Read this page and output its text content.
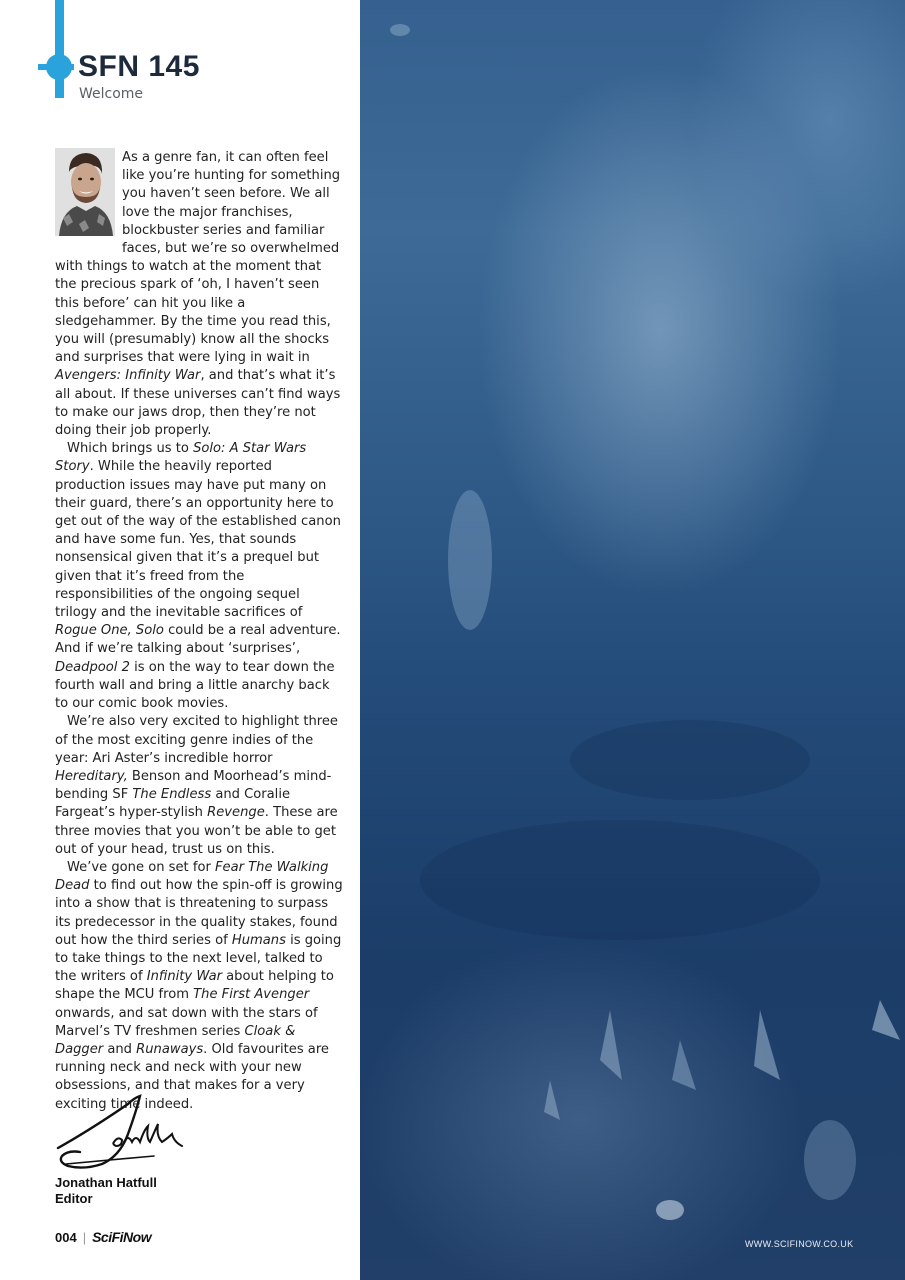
SFN 145
Welcome

As a genre fan, it can often feel like you’re hunting for something you haven’t seen before. We all love the major franchises, blockbuster series and familiar faces, but we’re so overwhelmed with things to watch at the moment that the precious spark of ‘oh, I haven’t seen this before’ can hit you like a sledgehammer. By the time you read this, you will (presumably) know all the shocks and surprises that were lying in wait in Avengers: Infinity War, and that’s what it’s all about. If these universes can’t find ways to make our jaws drop, then they’re not doing their job properly.

Which brings us to Solo: A Star Wars Story. While the heavily reported production issues may have put many on their guard, there’s an opportunity here to get out of the way of the established canon and have some fun. Yes, that sounds nonsensical given that it’s a prequel but given that it’s freed from the responsibilities of the ongoing sequel trilogy and the inevitable sacrifices of Rogue One, Solo could be a real adventure. And if we’re talking about ‘surprises’, Deadpool 2 is on the way to tear down the fourth wall and bring a little anarchy back to our comic book movies.

We’re also very excited to highlight three of the most exciting genre indies of the year: Ari Aster’s incredible horror Hereditary, Benson and Moorhead’s mind-bending SF The Endless and Coralie Fargeat’s hyper-stylish Revenge. These are three movies that you won’t be able to get out of your head, trust us on this.

We’ve gone on set for Fear The Walking Dead to find out how the spin-off is growing into a show that is threatening to surpass its predecessor in the quality stakes, found out how the third series of Humans is going to take things to the next level, talked to the writers of Infinity War about helping to shape the MCU from The First Avenger onwards, and sat down with the stars of Marvel’s TV freshmen series Cloak & Dagger and Runaways. Old favourites are running neck and neck with your new obsessions, and that makes for a very exciting time indeed.

Jonathan Hatfull
Editor
004 | SciFiNow	WWW.SCIFINOW.CO.UK
